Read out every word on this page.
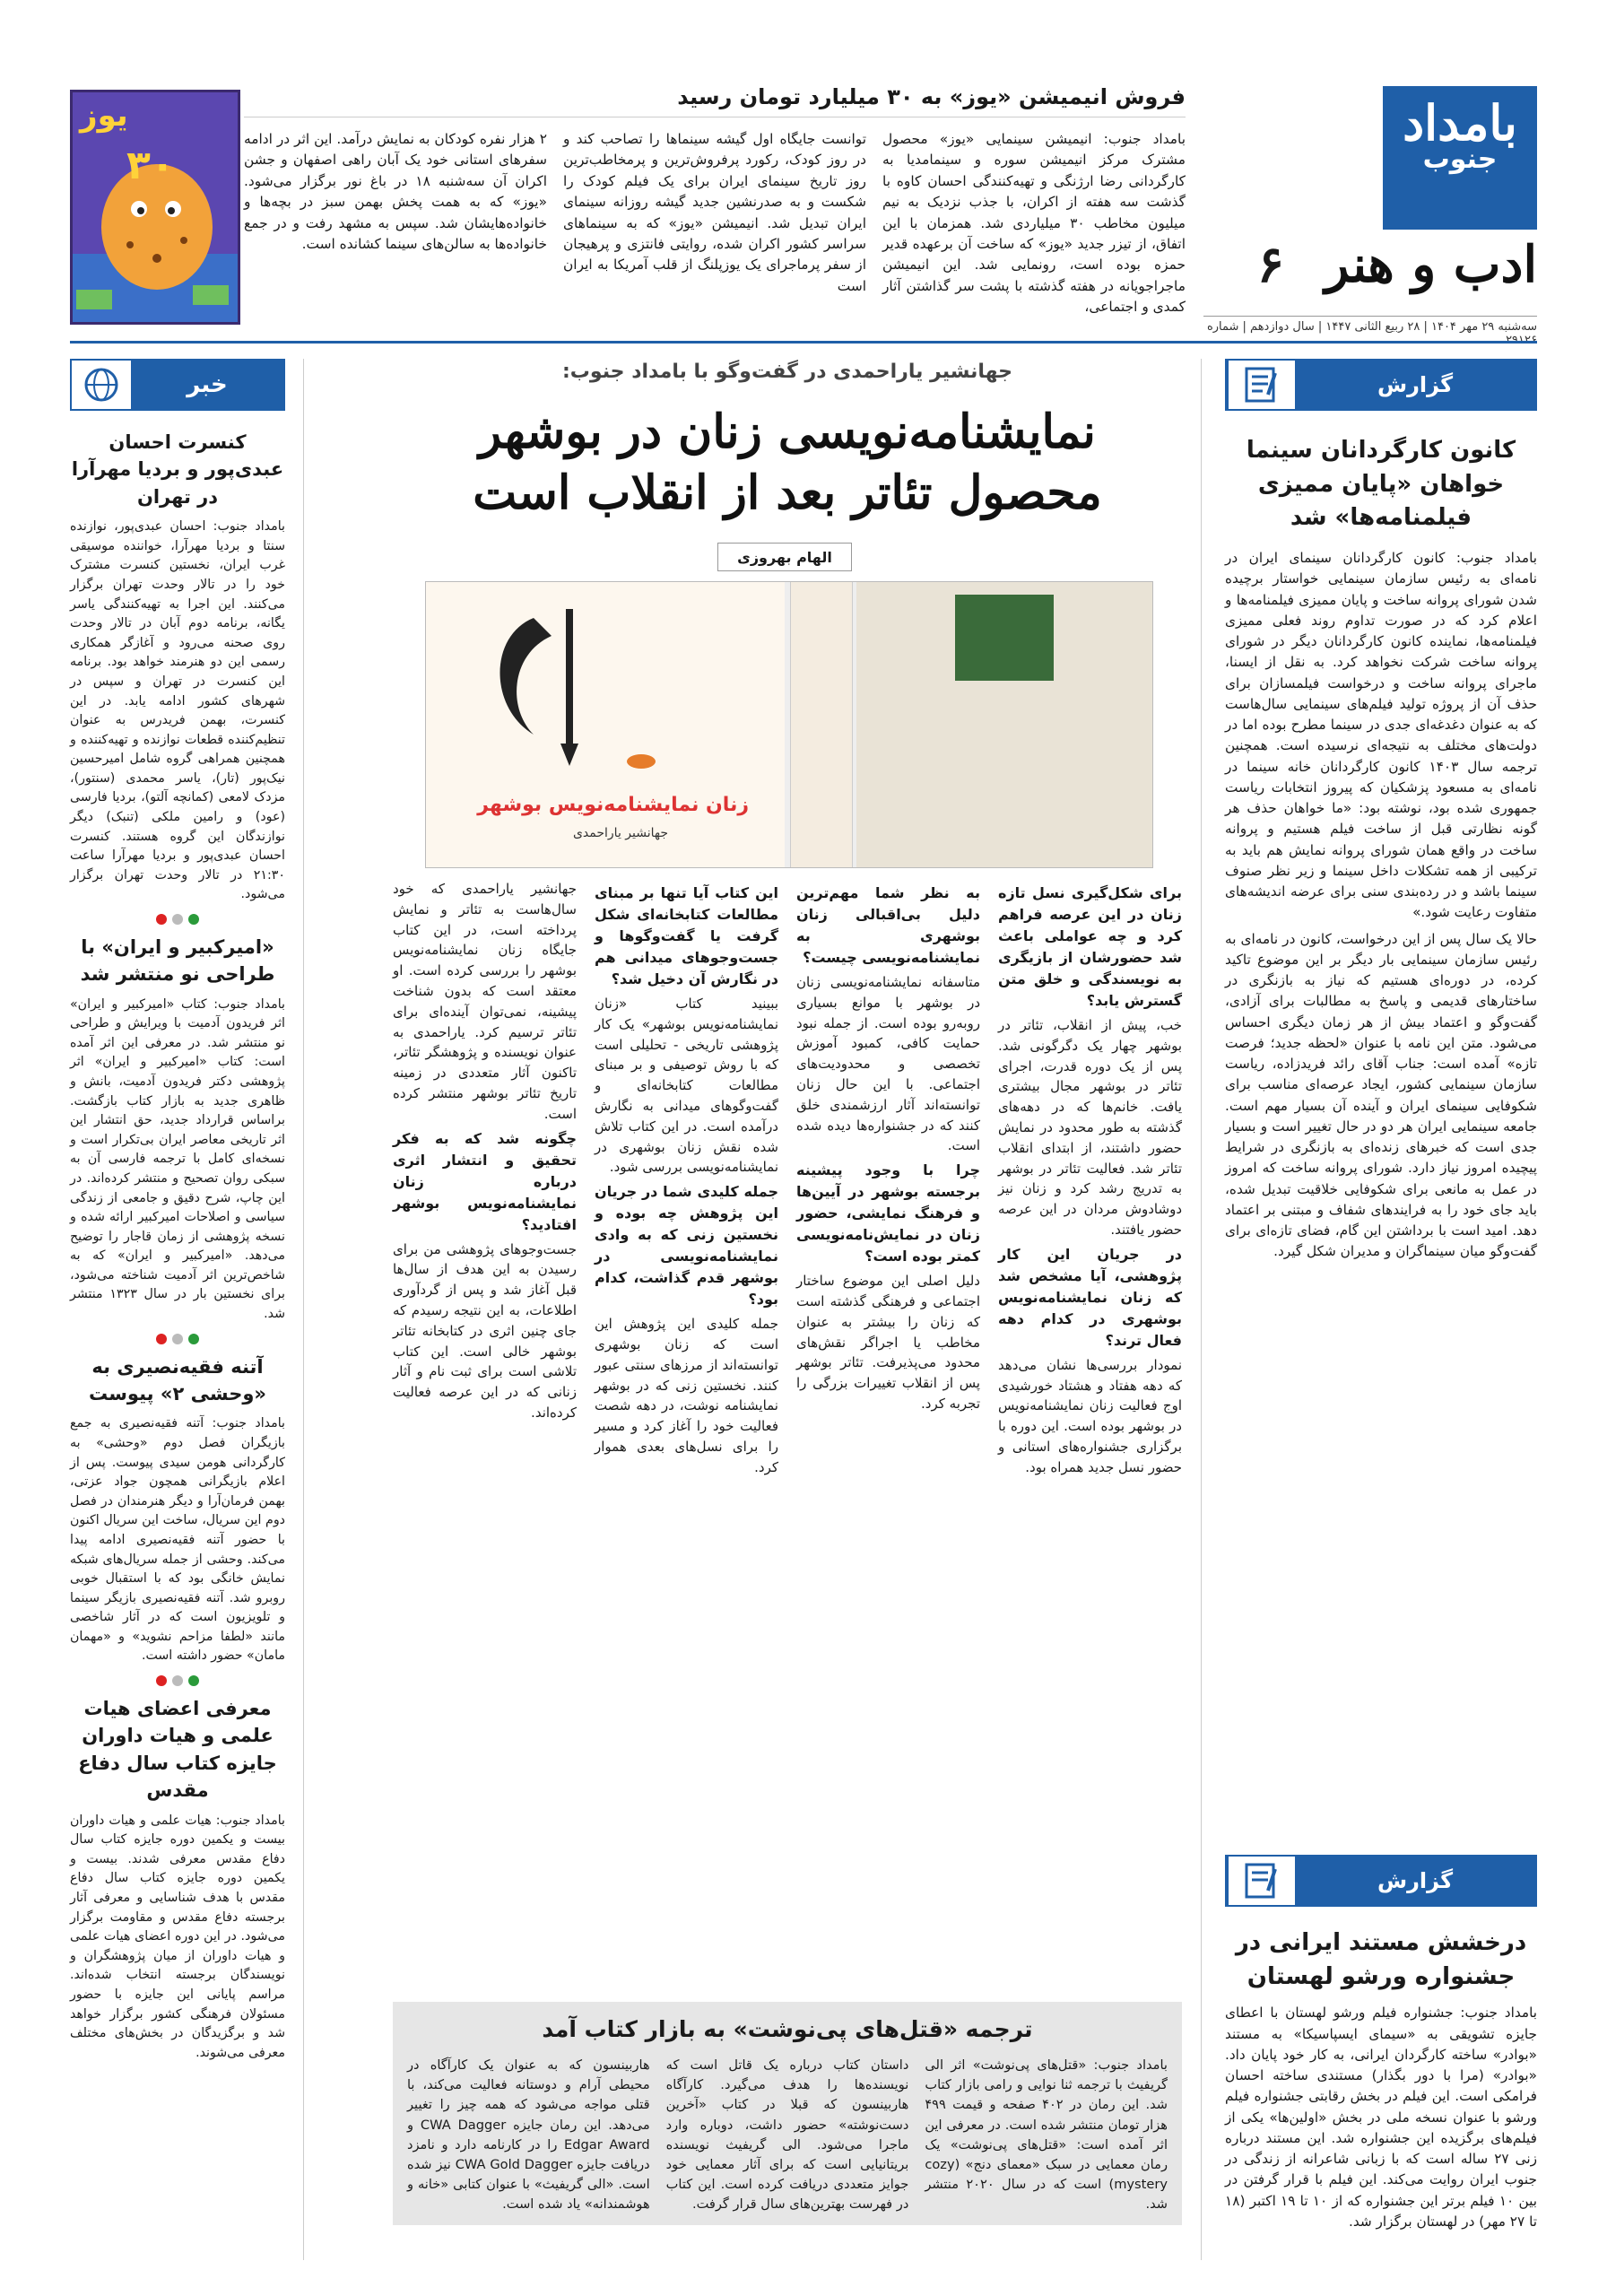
بامداد
جنوب
ادب و هنر
۶
سه‌شنبه ۲۹ مهر ۱۴۰۴ | ۲۸ ربیع الثانی ۱۴۴۷ | سال دوازدهم | شماره
فروش انیمیشن «یوز» به ۳۰ میلیارد تومان رسید

بامداد جنوب: انیمیشن سینمایی «یوز» محصول مشترک مرکز انیمیشن سوره و سینمامدیا به کارگردانی رضا ارژنگی و تهیه‌کنندگی احسان کاوه با گذشت سه هفته از اکران، با جذب نزدیک به نیم میلیون مخاطب ۳۰ میلیاردی شد. همزمان با این اتفاق، از تیزر جدید «یوز» که ساخت آن برعهده قدیر حمزه بوده است، رونمایی شد. این انیمیشن ماجراجویانه در هفته گذشته با پشت سر گذاشتن آثار کمدی و اجتماعی،

توانست جایگاه اول گیشه سینماها را تصاحب کند و در روز کودک، رکورد پرفروش‌ترین و پرمخاطب‌ترین روز تاریخ سینمای ایران برای یک فیلم کودک را شکست و به صدرنشین جدید گیشه روزانه سینمای ایران تبدیل شد. انیمیشن «یوز» که به سینماهای سراسر کشور اکران شده، روایتی فانتزی و پرهیجان از سفر پرماجرای یک یوزپلنگ از قلب آمریکا به ایران است

۲ هزار نفره کودکان به نمایش درآمد. این اثر در ادامه سفرهای استانی خود یک آبان راهی اصفهان و جشن اکران آن سه‌شنبه ۱۸ در باغ نور برگزار می‌شود. «یوز» که به همت پخش بهمن سبز در بچه‌ها و خانواده‌هایشان شد. سپس به مشهد رفت و در جمع خانواده‌ها به سالن‌های سینما کشانده است.

یوز
۳۰
گزارش
کانون کارگردانان سینما خواهان «پایان ممیزی فیلمنامه‌ها» شد

بامداد جنوب: کانون کارگردانان سینمای ایران در نامه‌ای به رئیس سازمان سینمایی خواستار برچیده شدن شورای پروانه ساخت و پایان ممیزی فیلمنامه‌ها و اعلام کرد که در صورت تداوم روند فعلی ممیزی فیلمنامه‌ها، نماینده کانون کارگردانان دیگر در شورای پروانه ساخت شرکت نخواهد کرد. به نقل از ایسنا، ماجرای پروانه ساخت و درخواست فیلمسازان برای حذف آن از پروژه تولید فیلم‌های سینمایی سال‌هاست که به عنوان دغدغه‌ای جدی در سینما مطرح بوده اما در دولت‌های مختلف به نتیجه‌ای نرسیده است. همچنین ترجمه سال ۱۴۰۳ کانون کارگردانان خانه سینما در نامه‌ای به مسعود پزشکیان که پیروز انتخابات ریاست جمهوری شده بود، نوشته بود: «ما خواهان حذف هر گونه نظارتی قبل از ساخت فیلم هستیم و پروانه ساخت در واقع همان شورای پروانه نمایش هم باید به ترکیبی از همه تشکلات داخل سینما و زیر نظر صنوف سینما باشد و در رده‌بندی سنی برای عرضه اندیشه‌های متفاوت رعایت شود.»

حالا یک سال پس از این درخواست، کانون در نامه‌ای به رئیس سازمان سینمایی بار دیگر بر این موضوع تاکید کرده، در دوره‌ای هستیم که نیاز به بازنگری در ساختارهای قدیمی و پاسخ به مطالبات برای آزادی، گفت‌وگو و اعتماد بیش از هر زمان دیگری احساس می‌شود. متن این نامه با عنوان «لحظه جدید؛ فرصت تازه» آمده است: جناب آقای رائد فریدزاده، ریاست سازمان سینمایی کشور، ایجاد عرصه‌ای مناسب برای شکوفایی سینمای ایران و آینده آن بسیار مهم است. جامعه سینمایی ایران هر دو در حال تغییر است و بسیار جدی است که خبرهای زنده‌ای به بازنگری در شرایط پیچیده امروز نیاز دارد. شورای پروانه ساخت که امروز در عمل به مانعی برای شکوفایی خلاقیت تبدیل شده، باید جای خود را به فرایندهای شفاف و مبتنی بر اعتماد دهد. امید است با برداشتن این گام، فضای تازه‌ای برای گفت‌وگو میان سینماگران و مدیران شکل گیرد.

گزارش
درخشش مستند ایرانی در جشنواره ورشو لهستان

بامداد جنوب: جشنواره فیلم ورشو لهستان با اعطای جایزه تشویقی به «سیمای ایسپاسیکا» به مستند «بوادر» ساخته کارگردان ایرانی، به کار خود پایان داد. «بوادر» (مرا با دور بگذار) مستندی ساخته احسان فرامکی است. این فیلم در بخش رقابتی جشنواره فیلم ورشو با عنوان نسخه ملی در بخش «اولین‌ها» یکی از فیلم‌های برگزیده این جشنواره شد. این مستند درباره زنی ۲۷ ساله است که با زبانی شاعرانه از زندگی در جنوب ایران روایت می‌کند. این فیلم با قرار گرفتن در بین ۱۰ فیلم برتر این جشنواره که از ۱۰ تا ۱۹ اکتبر (۱۸ تا ۲۷ مهر) در لهستان برگزار شد.

خبر
کنسرت احسان عبدی‌پور و بردیا مهرآرا در تهران

بامداد جنوب: احسان عبدی‌پور، نوازنده سنتا و بردیا مهرآرا، خواننده موسیقی غرب ایران، نخستین کنسرت مشترک خود را در تالار وحدت تهران برگزار می‌کنند. این اجرا به تهیه‌کنندگی یاسر یگانه، برنامه دوم آبان در تالار وحدت روی صحنه می‌رود و آغازگر همکاری رسمی این دو هنرمند خواهد بود. برنامه این کنسرت در تهران و سپس در شهرهای کشور ادامه یابد. در این کنسرت، بهمن فریدرس به عنوان تنظیم‌کننده قطعات نوازنده و تهیه‌کننده و همچنین همراهی گروه شامل امیرحسین نیک‌پور (تار)، یاسر محمدی (سنتور)، مزدک لامعی (کمانچه آلتو)، بردیا فارسی (عود) و رامین ملکی (تنبک) دیگر نوازندگان این گروه هستند. کنسرت احسان عبدی‌پور و بردیا مهرآرا ساعت ۲۱:۳۰ در تالار وحدت تهران برگزار می‌شود.

«امیرکبیر و ایران» با طراحی نو منتشر شد

بامداد جنوب: کتاب «امیرکبیر و ایران» اثر فریدون آدمیت با ویرایش و طراحی نو منتشر شد. در معرفی این اثر آمده است: کتاب «امیرکبیر و ایران» اثر پژوهشی دکتر فریدون آدمیت، بانش و ظاهری جدید به بازار کتاب بازگشت. براساس قرارداد جدید، حق انتشار این اثر تاریخی معاصر ایران بی‌تکرار است و نسخه‌ای کامل با ترجمه فارسی آن به سبکی روان تصحیح و منتشر کرده‌اند. در این چاپ، شرح دقیق و جامعی از زندگی سیاسی و اصلاحات امیرکبیر ارائه شده و نسخه پژوهشی از زمان قاجار را توضیح می‌دهد. «امیرکبیر و ایران» که به شاخص‌ترین اثر آدمیت شناخته می‌شود، برای نخستین بار در سال ۱۳۲۳ منتشر شد.

آتنه فقیه‌نصیری به «وحشی ۲» پیوست

بامداد جنوب: آتنه فقیه‌نصیری به جمع بازیگران فصل دوم «وحشی» به کارگردانی هومن سیدی پیوست. پس از اعلام بازیگرانی همچون جواد عزتی، بهمن فرمان‌آرا و دیگر هنرمندان در فصل دوم این سریال، ساخت این سریال اکنون با حضور آتنه فقیه‌نصیری ادامه پیدا می‌کند. وحشی از جمله سریال‌های شبکه نمایش خانگی بود که با استقبال خوبی روبرو شد. آتنه فقیه‌نصیری بازیگر سینما و تلویزیون است که در آثار شاخصی مانند «لطفا مزاحم نشوید» و «مهمان مامان» حضور داشته است.

معرفی اعضای هیات علمی و هیات داوران جایزه کتاب سال دفاع مقدس

بامداد جنوب: هیات علمی و هیات داوران بیست و یکمین دوره جایزه کتاب سال دفاع مقدس معرفی شدند. بیست و یکمین دوره جایزه کتاب سال دفاع مقدس با هدف شناسایی و معرفی آثار برجسته دفاع مقدس و مقاومت برگزار می‌شود. در این دوره اعضای هیات علمی و هیات داوران از میان پژوهشگران و نویسندگان برجسته انتخاب شده‌اند. مراسم پایانی این جایزه با حضور مسئولان فرهنگی کشور برگزار خواهد شد و برگزیدگان در بخش‌های مختلف معرفی می‌شوند.

جهانشیر یاراحمدی در گفت‌وگو با بامداد جنوب:
نمایشنامه‌نویسی زنان در بوشهر
محصول تئاتر بعد از انقلاب است
الهام بهروزی
زنان نمایشنامه‌نویس بوشهر
جهانشیر یاراحمدی
برای شکل‌گیری نسل تازه زنان در این عرصه فراهم کرد و چه عواملی باعث شد حضورشان از بازیگری به نویسندگی و خلق متن گسترش یابد؟

خب، پیش از انقلاب، تئاتر در بوشهر چهار یک دگرگونی شد. پس از یک دوره قدرت، اجرای تئاتر در بوشهر مجال بیشتری یافت. خانم‌ها که در دهه‌های گذشته به طور محدود در نمایش حضور داشتند، از ابتدای انقلاب تئاتر شد. فعالیت تئاتر در بوشهر به تدریج رشد کرد و زنان نیز دوشادوش مردان در این عرصه حضور یافتند.

در جریان این کار پژوهشی، آیا مشخص شد که زنان نمایشنامه‌نویس بوشهری در کدام دهه فعال ترند؟

نمودار بررسی‌ها نشان می‌دهد که دهه هفتاد و هشتاد خورشیدی اوج فعالیت زنان نمایشنامه‌نویس در بوشهر بوده است. این دوره با برگزاری جشنواره‌های استانی و حضور نسل جدید همراه بود.

به نظر شما مهم‌ترین دلیل بی‌اقبالی زنان بوشهری به نمایشنامه‌نویسی چیست؟

متاسفانه نمایشنامه‌نویسی زنان در بوشهر با موانع بسیاری روبه‌رو بوده است. از جمله نبود حمایت کافی، کمبود آموزش تخصصی و محدودیت‌های اجتماعی. با این حال زنان توانسته‌اند آثار ارزشمندی خلق کنند که در جشنواره‌ها دیده شده است.

چرا با وجود پیشینه برجسته بوشهر در آیین‌ها و فرهنگ نمایشی، حضور زنان در نمایش‌نامه‌نویسی کمتر بوده است؟

دلیل اصلی این موضوع ساختار اجتماعی و فرهنگی گذشته است که زنان را بیشتر به عنوان مخاطب یا اجراگر نقش‌های محدود می‌پذیرفت. تئاتر بوشهر پس از انقلاب تغییرات بزرگی را تجربه کرد.

این کتاب آیا تنها بر مبنای مطالعات کتابخانه‌ای شکل گرفت یا گفت‌وگوها و جست‌وجوهای میدانی هم در نگارش آن دخیل شد؟

ببینید کتاب «زنان نمایشنامه‌نویس بوشهر» یک کار پژوهشی تاریخی - تحلیلی است که با روش توصیفی و بر مبنای مطالعات کتابخانه‌ای و گفت‌وگوهای میدانی به نگارش درآمده است. در این کتاب تلاش شده نقش زنان بوشهری در نمایشنامه‌نویسی بررسی شود.

جمله کلیدی شما در جریان این پژوهش چه بوده و نخستین زنی که به وادی نمایشنامه‌نویسی در بوشهر قدم گذاشت، کدام بود؟

جمله کلیدی این پژوهش این است که زنان بوشهری توانسته‌اند از مرزهای سنتی عبور کنند. نخستین زنی که در بوشهر نمایشنامه نوشت، در دهه شصت فعالیت خود را آغاز کرد و مسیر را برای نسل‌های بعدی هموار کرد.

جهانشیر یاراحمدی که خود سال‌هاست به تئاتر و نمایش پرداخته است، در این کتاب جایگاه زنان نمایشنامه‌نویس بوشهر را بررسی کرده است. او معتقد است که بدون شناخت پیشینه، نمی‌توان آینده‌ای برای تئاتر ترسیم کرد. یاراحمدی به عنوان نویسنده و پژوهشگر تئاتر، تاکنون آثار متعددی در زمینه تاریخ تئاتر بوشهر منتشر کرده است.

چگونه شد که به فکر تحقیق و انتشار اثری درباره زنان نمایشنامه‌نویس بوشهر افتادید؟

جست‌وجوهای پژوهشی من برای رسیدن به این هدف از سال‌ها قبل آغاز شد و پس از گردآوری اطلاعات، به این نتیجه رسیدم که جای چنین اثری در کتابخانه تئاتر بوشهر خالی است. این کتاب تلاشی است برای ثبت نام و آثار زنانی که در این عرصه فعالیت کرده‌اند.

ترجمه «قتل‌های پی‌نوشت» به بازار کتاب آمد

بامداد جنوب: «قتل‌های پی‌نوشت» اثر الی گریفیث با ترجمه ثنا نوایی و رامی بازار کتاب شد. این رمان در ۴۰۲ صفحه و قیمت ۴۹۹ هزار تومان منتشر شده است. در معرفی این اثر آمده است: «قتل‌های پی‌نوشت» یک رمان معمایی در سبک «معمای دنج» (cozy mystery) است که در سال ۲۰۲۰ منتشر شد.

داستان کتاب درباره یک قاتل است که نویسنده‌ها را هدف می‌گیرد. کارآگاه هاربینسون که قبلا در کتاب «آخرین دست‌نوشته» حضور داشت، دوباره وارد ماجرا می‌شود. الی گریفیث نویسنده بریتانیایی است که برای آثار معمایی خود جوایز متعددی دریافت کرده است. این کتاب در فهرست بهترین‌های سال قرار گرفت.

هاربینسون که به عنوان یک کارآگاه در محیطی آرام و دوستانه فعالیت می‌کند، با قتلی مواجه می‌شود که همه چیز را تغییر می‌دهد. این رمان جایزه CWA Dagger و Edgar Award را در کارنامه دارد و نامزد دریافت جایزه CWA Gold Dagger نیز شده است. «الی گریفیث» با عنوان کتابی «خانه و هوشمندانه» یاد شده است.
